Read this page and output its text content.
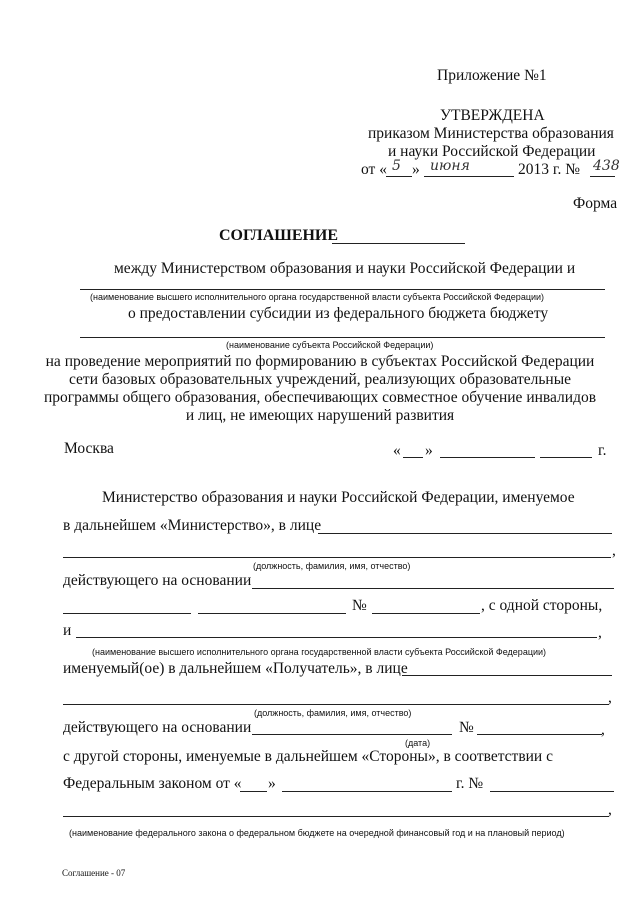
Приложение №1
УТВЕРЖДЕНА
приказом Министерства образования
и науки Российской Федерации
от « 5 » июня	2013 г. № 438
Форма
СОГЛАШЕНИЕ
между Министерством образования и науки Российской Федерации и
(наименование высшего исполнительного органа государственной власти субъекта Российской Федерации)
о предоставлении субсидии из федерального бюджета бюджету
(наименование субъекта Российской Федерации)
на проведение мероприятий по формированию в субъектах Российской Федерации
сети базовых образовательных учреждений, реализующих образовательные
программы общего образования, обеспечивающих совместное обучение инвалидов
и лиц, не имеющих нарушений развития
Москва	« »	г.
Министерство образования и науки Российской Федерации, именуемое
в дальнейшем «Министерство», в лице
,
(должность, фамилия, имя, отчество)
действующего на основании
№	, с одной стороны,
и	,
(наименование высшего исполнительного органа государственной власти субъекта Российской Федерации)
именуемый(ое) в дальнейшем «Получатель», в лице
,
(должность, фамилия, имя, отчество)
действующего на основании	№	,
(дата)
с другой стороны, именуемые в дальнейшем «Стороны», в соответствии с
Федеральным законом от « »	г. №
,
(наименование федерального закона о федеральном бюджете на очередной финансовый год и на плановый период)
Соглашение - 07
